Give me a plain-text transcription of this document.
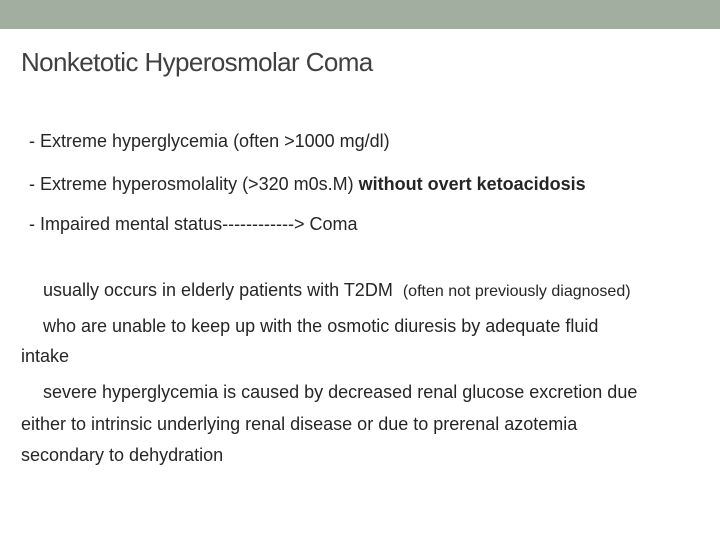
Nonketotic Hyperosmolar Coma
- Extreme hyperglycemia (often >1000 mg/dl)
- Extreme hyperosmolality (>320 m0s.M) without overt ketoacidosis
- Impaired mental status------------> Coma
usually occurs in elderly patients with T2DM (often not previously diagnosed)
who are unable to keep up with the osmotic diuresis by adequate fluid
intake
severe hyperglycemia is caused by decreased renal glucose excretion due
either to intrinsic underlying renal disease or due to prerenal azotemia
secondary to dehydration
